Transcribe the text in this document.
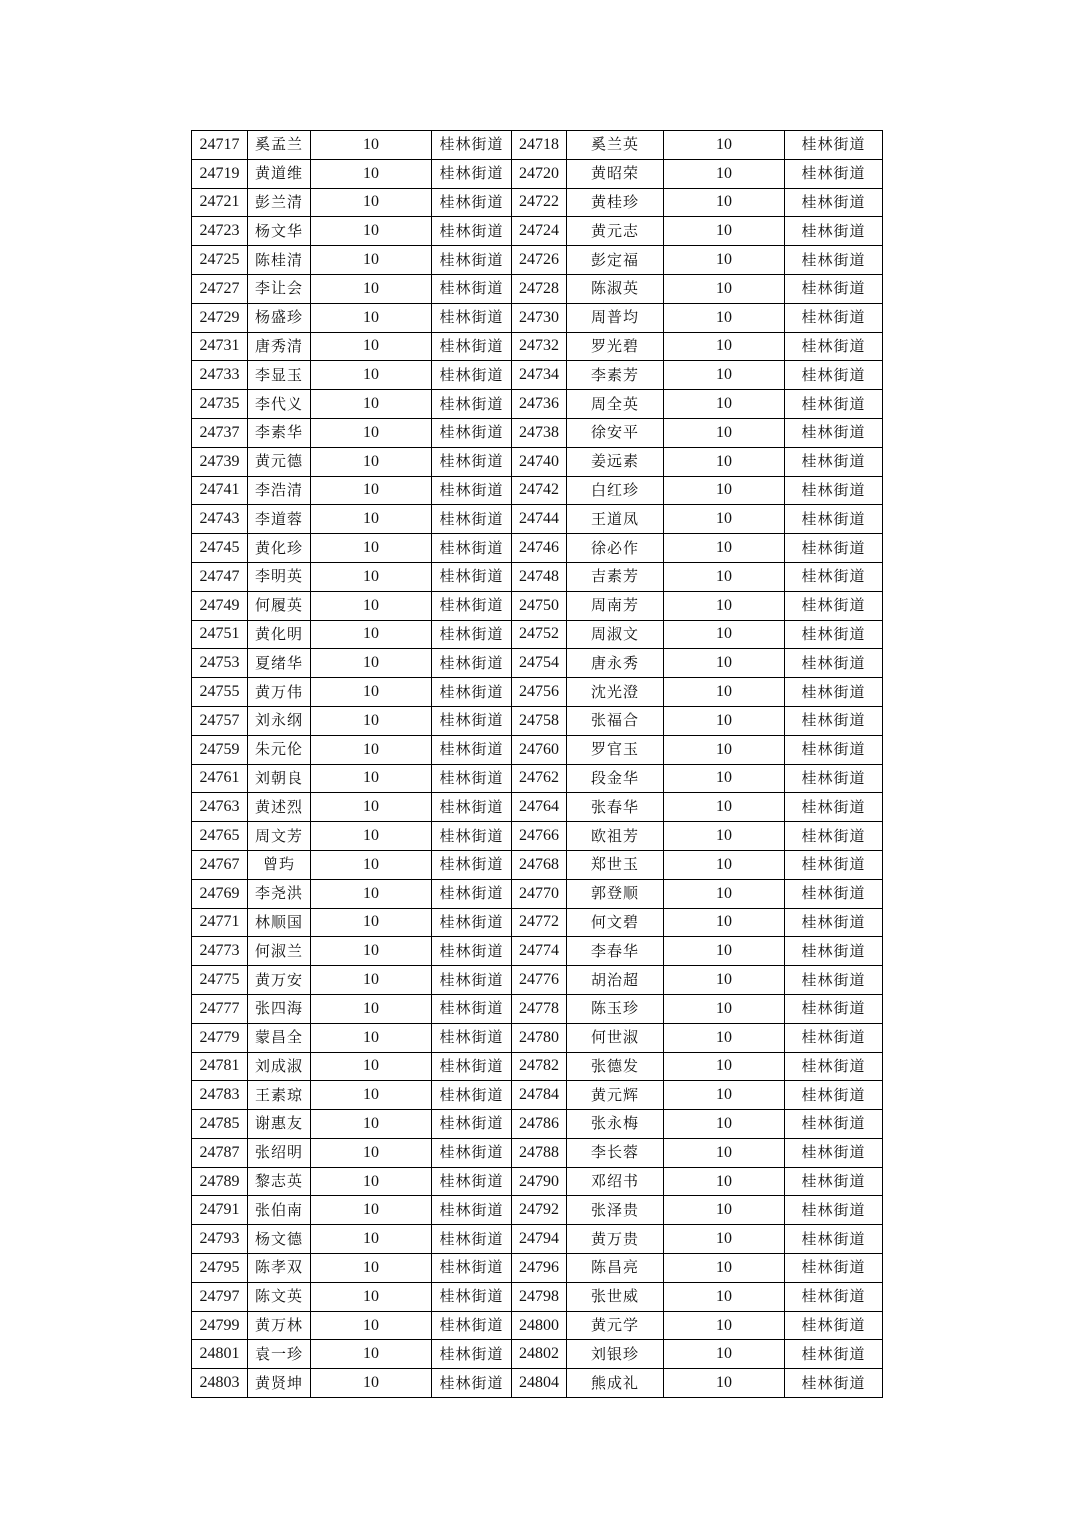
24717	奚孟兰	10	桂林街道	24718	奚兰英	10	桂林街道
24719	黄道维	10	桂林街道	24720	黄昭荣	10	桂林街道
24721	彭兰清	10	桂林街道	24722	黄桂珍	10	桂林街道
24723	杨文华	10	桂林街道	24724	黄元志	10	桂林街道
24725	陈桂清	10	桂林街道	24726	彭定福	10	桂林街道
24727	李让会	10	桂林街道	24728	陈淑英	10	桂林街道
24729	杨盛珍	10	桂林街道	24730	周普均	10	桂林街道
24731	唐秀清	10	桂林街道	24732	罗光碧	10	桂林街道
24733	李显玉	10	桂林街道	24734	李素芳	10	桂林街道
24735	李代义	10	桂林街道	24736	周全英	10	桂林街道
24737	李素华	10	桂林街道	24738	徐安平	10	桂林街道
24739	黄元德	10	桂林街道	24740	姜远素	10	桂林街道
24741	李浩清	10	桂林街道	24742	白红珍	10	桂林街道
24743	李道蓉	10	桂林街道	24744	王道凤	10	桂林街道
24745	黄化珍	10	桂林街道	24746	徐必作	10	桂林街道
24747	李明英	10	桂林街道	24748	吉素芳	10	桂林街道
24749	何履英	10	桂林街道	24750	周南芳	10	桂林街道
24751	黄化明	10	桂林街道	24752	周淑文	10	桂林街道
24753	夏绪华	10	桂林街道	24754	唐永秀	10	桂林街道
24755	黄万伟	10	桂林街道	24756	沈光澄	10	桂林街道
24757	刘永纲	10	桂林街道	24758	张福合	10	桂林街道
24759	朱元伦	10	桂林街道	24760	罗官玉	10	桂林街道
24761	刘朝良	10	桂林街道	24762	段金华	10	桂林街道
24763	黄述烈	10	桂林街道	24764	张春华	10	桂林街道
24765	周文芳	10	桂林街道	24766	欧祖芳	10	桂林街道
24767	曾玙	10	桂林街道	24768	郑世玉	10	桂林街道
24769	李尧洪	10	桂林街道	24770	郭登顺	10	桂林街道
24771	林顺国	10	桂林街道	24772	何文碧	10	桂林街道
24773	何淑兰	10	桂林街道	24774	李春华	10	桂林街道
24775	黄万安	10	桂林街道	24776	胡治超	10	桂林街道
24777	张四海	10	桂林街道	24778	陈玉珍	10	桂林街道
24779	蒙昌全	10	桂林街道	24780	何世淑	10	桂林街道
24781	刘成淑	10	桂林街道	24782	张德发	10	桂林街道
24783	王素琼	10	桂林街道	24784	黄元辉	10	桂林街道
24785	谢惠友	10	桂林街道	24786	张永梅	10	桂林街道
24787	张绍明	10	桂林街道	24788	李长蓉	10	桂林街道
24789	黎志英	10	桂林街道	24790	邓绍书	10	桂林街道
24791	张伯南	10	桂林街道	24792	张泽贵	10	桂林街道
24793	杨文德	10	桂林街道	24794	黄万贵	10	桂林街道
24795	陈孝双	10	桂林街道	24796	陈昌亮	10	桂林街道
24797	陈文英	10	桂林街道	24798	张世威	10	桂林街道
24799	黄万林	10	桂林街道	24800	黄元学	10	桂林街道
24801	袁一珍	10	桂林街道	24802	刘银珍	10	桂林街道
24803	黄贤坤	10	桂林街道	24804	熊成礼	10	桂林街道
